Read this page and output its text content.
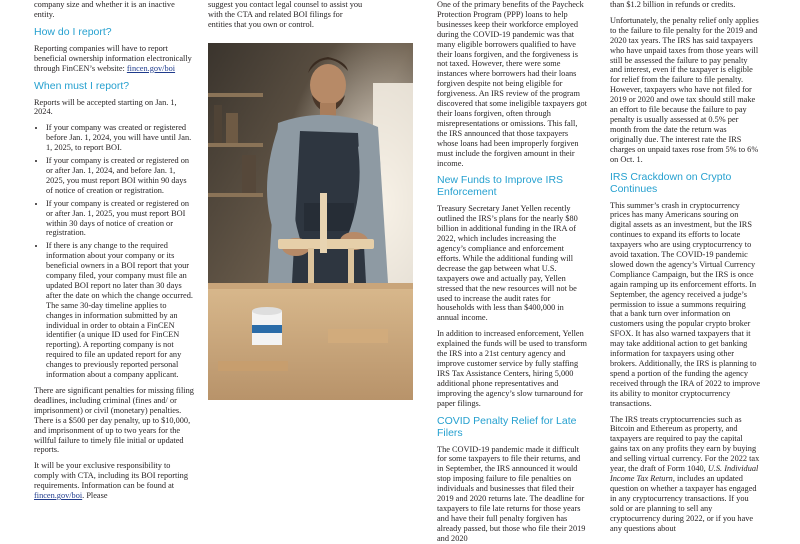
company size and whether it is an inactive entity.

How do I report?

Reporting companies will have to report beneficial ownership information electronically through FinCEN’s website: fincen.gov/boi

When must I report?

Reports will be accepted starting on Jan. 1, 2024.

• If your company was created or registered before Jan. 1, 2024, you will have until Jan. 1, 2025, to report BOI.
• If your company is created or registered on or after Jan. 1, 2024, and before Jan. 1, 2025, you must report BOI within 90 days of notice of creation or registration.
• If your company is created or registered on or after Jan. 1, 2025, you must report BOI within 30 days of notice of creation or registration.
• If there is any change to the required information about your company or its beneficial owners in a BOI report that your company filed, your company must file an updated BOI report no later than 30 days after the date on which the change occurred. The same 30-day timeline applies to changes in information submitted by an individual in order to obtain a FinCEN identifier (a unique ID used for FinCEN reporting). A reporting company is not required to file an updated report for any changes to previously reported personal information about a company applicant.

There are significant penalties for missing filing deadlines, including criminal (fines and/ or imprisonment) or civil (monetary) penalties. There is a $500 per day penalty, up to $10,000, and imprisonment of up to two years for the willful failure to timely file initial or updated reports.

It will be your exclusive responsibility to comply with CTA, including its BOI reporting requirements. Information can be found at fincen.gov/boi. Please

suggest you contact legal counsel to assist you with the CTA and related BOI filings for entities that you own or control.

One of the primary benefits of the Paycheck Protection Program (PPP) loans to help businesses keep their workforce employed during the COVID-19 pandemic was that many eligible borrowers qualified to have their loans forgiven, and the forgiveness is not taxed. However, there were some instances where borrowers had their loans forgiven despite not being eligible for forgiveness. An IRS review of the program discovered that some ineligible taxpayers got their loans forgiven, often through misrepresentations or omissions. This fall, the IRS announced that those taxpayers whose loans had been improperly forgiven must include the forgiven amount in their income.

New Funds to Improve IRS Enforcement

Treasury Secretary Janet Yellen recently outlined the IRS’s plans for the nearly $80 billion in additional funding in the IRA of 2022, which includes increasing the agency’s compliance and enforcement efforts. While the additional funding will decrease the gap between what U.S. taxpayers owe and actually pay, Yellen stressed that the new resources will not be used to increase the audit rates for households with less than $400,000 in annual income.

In addition to increased enforcement, Yellen explained the funds will be used to transform the IRS into a 21st century agency and improve customer service by fully staffing IRS Tax Assistance Centers, hiring 5,000 additional phone representatives and improving the agency’s slow turnaround for paper filings.

COVID Penalty Relief for Late Filers

The COVID-19 pandemic made it difficult for some taxpayers to file their returns, and in September, the IRS announced it would stop imposing failure to file penalties on individuals and businesses that filed their 2019 and 2020 returns late. The deadline for taxpayers to file late returns for those years and have their full penalty forgiven has already passed, but those who file their 2019 and 2020

than $1.2 billion in refunds or credits.

Unfortunately, the penalty relief only applies to the failure to file penalty for the 2019 and 2020 tax years. The IRS has said taxpayers who have unpaid taxes from those years will still be assessed the failure to pay penalty and interest, even if the taxpayer is eligible for relief from the failure to file penalty. However, taxpayers who have not filed for 2019 or 2020 and owe tax should still make an effort to file because the failure to pay penalty is usually assessed at 0.5% per month from the date the return was originally due. The interest rate the IRS charges on unpaid taxes rose from 5% to 6% on Oct. 1.

IRS Crackdown on Crypto Continues

This summer’s crash in cryptocurrency prices has many Americans souring on digital assets as an investment, but the IRS continues to expand its efforts to locate taxpayers who are using cryptocurrency to avoid taxation. The COVID-19 pandemic slowed down the agency’s Virtual Currency Compliance Campaign, but the IRS is once again ramping up its enforcement efforts. In September, the agency received a judge’s permission to issue a summons requiring that a bank turn over information on customers using the popular crypto broker SFOX. It has also warned taxpayers that it may take additional action to get banking information for taxpayers using other brokers. Additionally, the IRS is planning to spend a portion of the funding the agency received through the IRA of 2022 to improve its ability to monitor cryptocurrency transactions.

The IRS treats cryptocurrencies such as Bitcoin and Ethereum as property, and taxpayers are required to pay the capital gains tax on any profits they earn by buying and selling virtual currency. For the 2022 tax year, the draft of Form 1040, U.S. Individual Income Tax Return, includes an updated question on whether a taxpayer has engaged in any cryptocurrency transactions. If you sold or are planning to sell any cryptocurrency during 2022, or if you have any questions about
